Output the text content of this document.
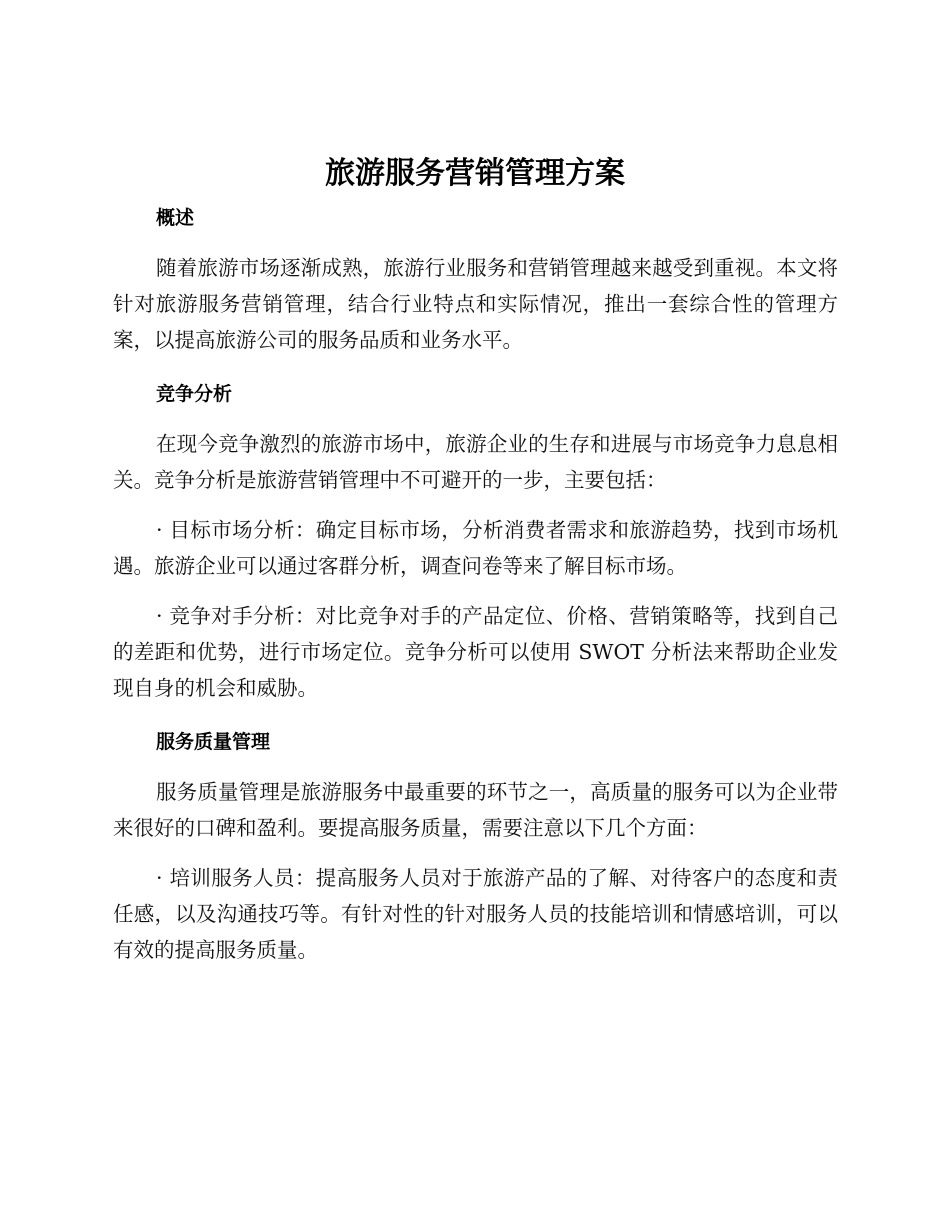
旅游服务营销管理方案
概述

随着旅游市场逐渐成熟，旅游行业服务和营销管理越来越受到重视。本文将针对旅游服务营销管理，结合行业特点和实际情况，推出一套综合性的管理方案，以提高旅游公司的服务品质和业务水平。

竞争分析

在现今竞争激烈的旅游市场中，旅游企业的生存和进展与市场竞争力息息相关。竞争分析是旅游营销管理中不可避开的一步，主要包括：

· 目标市场分析：确定目标市场，分析消费者需求和旅游趋势，找到市场机遇。旅游企业可以通过客群分析，调查问卷等来了解目标市场。

· 竞争对手分析：对比竞争对手的产品定位、价格、营销策略等，找到自己的差距和优势，进行市场定位。竞争分析可以使用 SWOT 分析法来帮助企业发现自身的机会和威胁。

服务质量管理

服务质量管理是旅游服务中最重要的环节之一，高质量的服务可以为企业带来很好的口碑和盈利。要提高服务质量，需要注意以下几个方面：

· 培训服务人员：提高服务人员对于旅游产品的了解、对待客户的态度和责任感，以及沟通技巧等。有针对性的针对服务人员的技能培训和情感培训，可以有效的提高服务质量。
